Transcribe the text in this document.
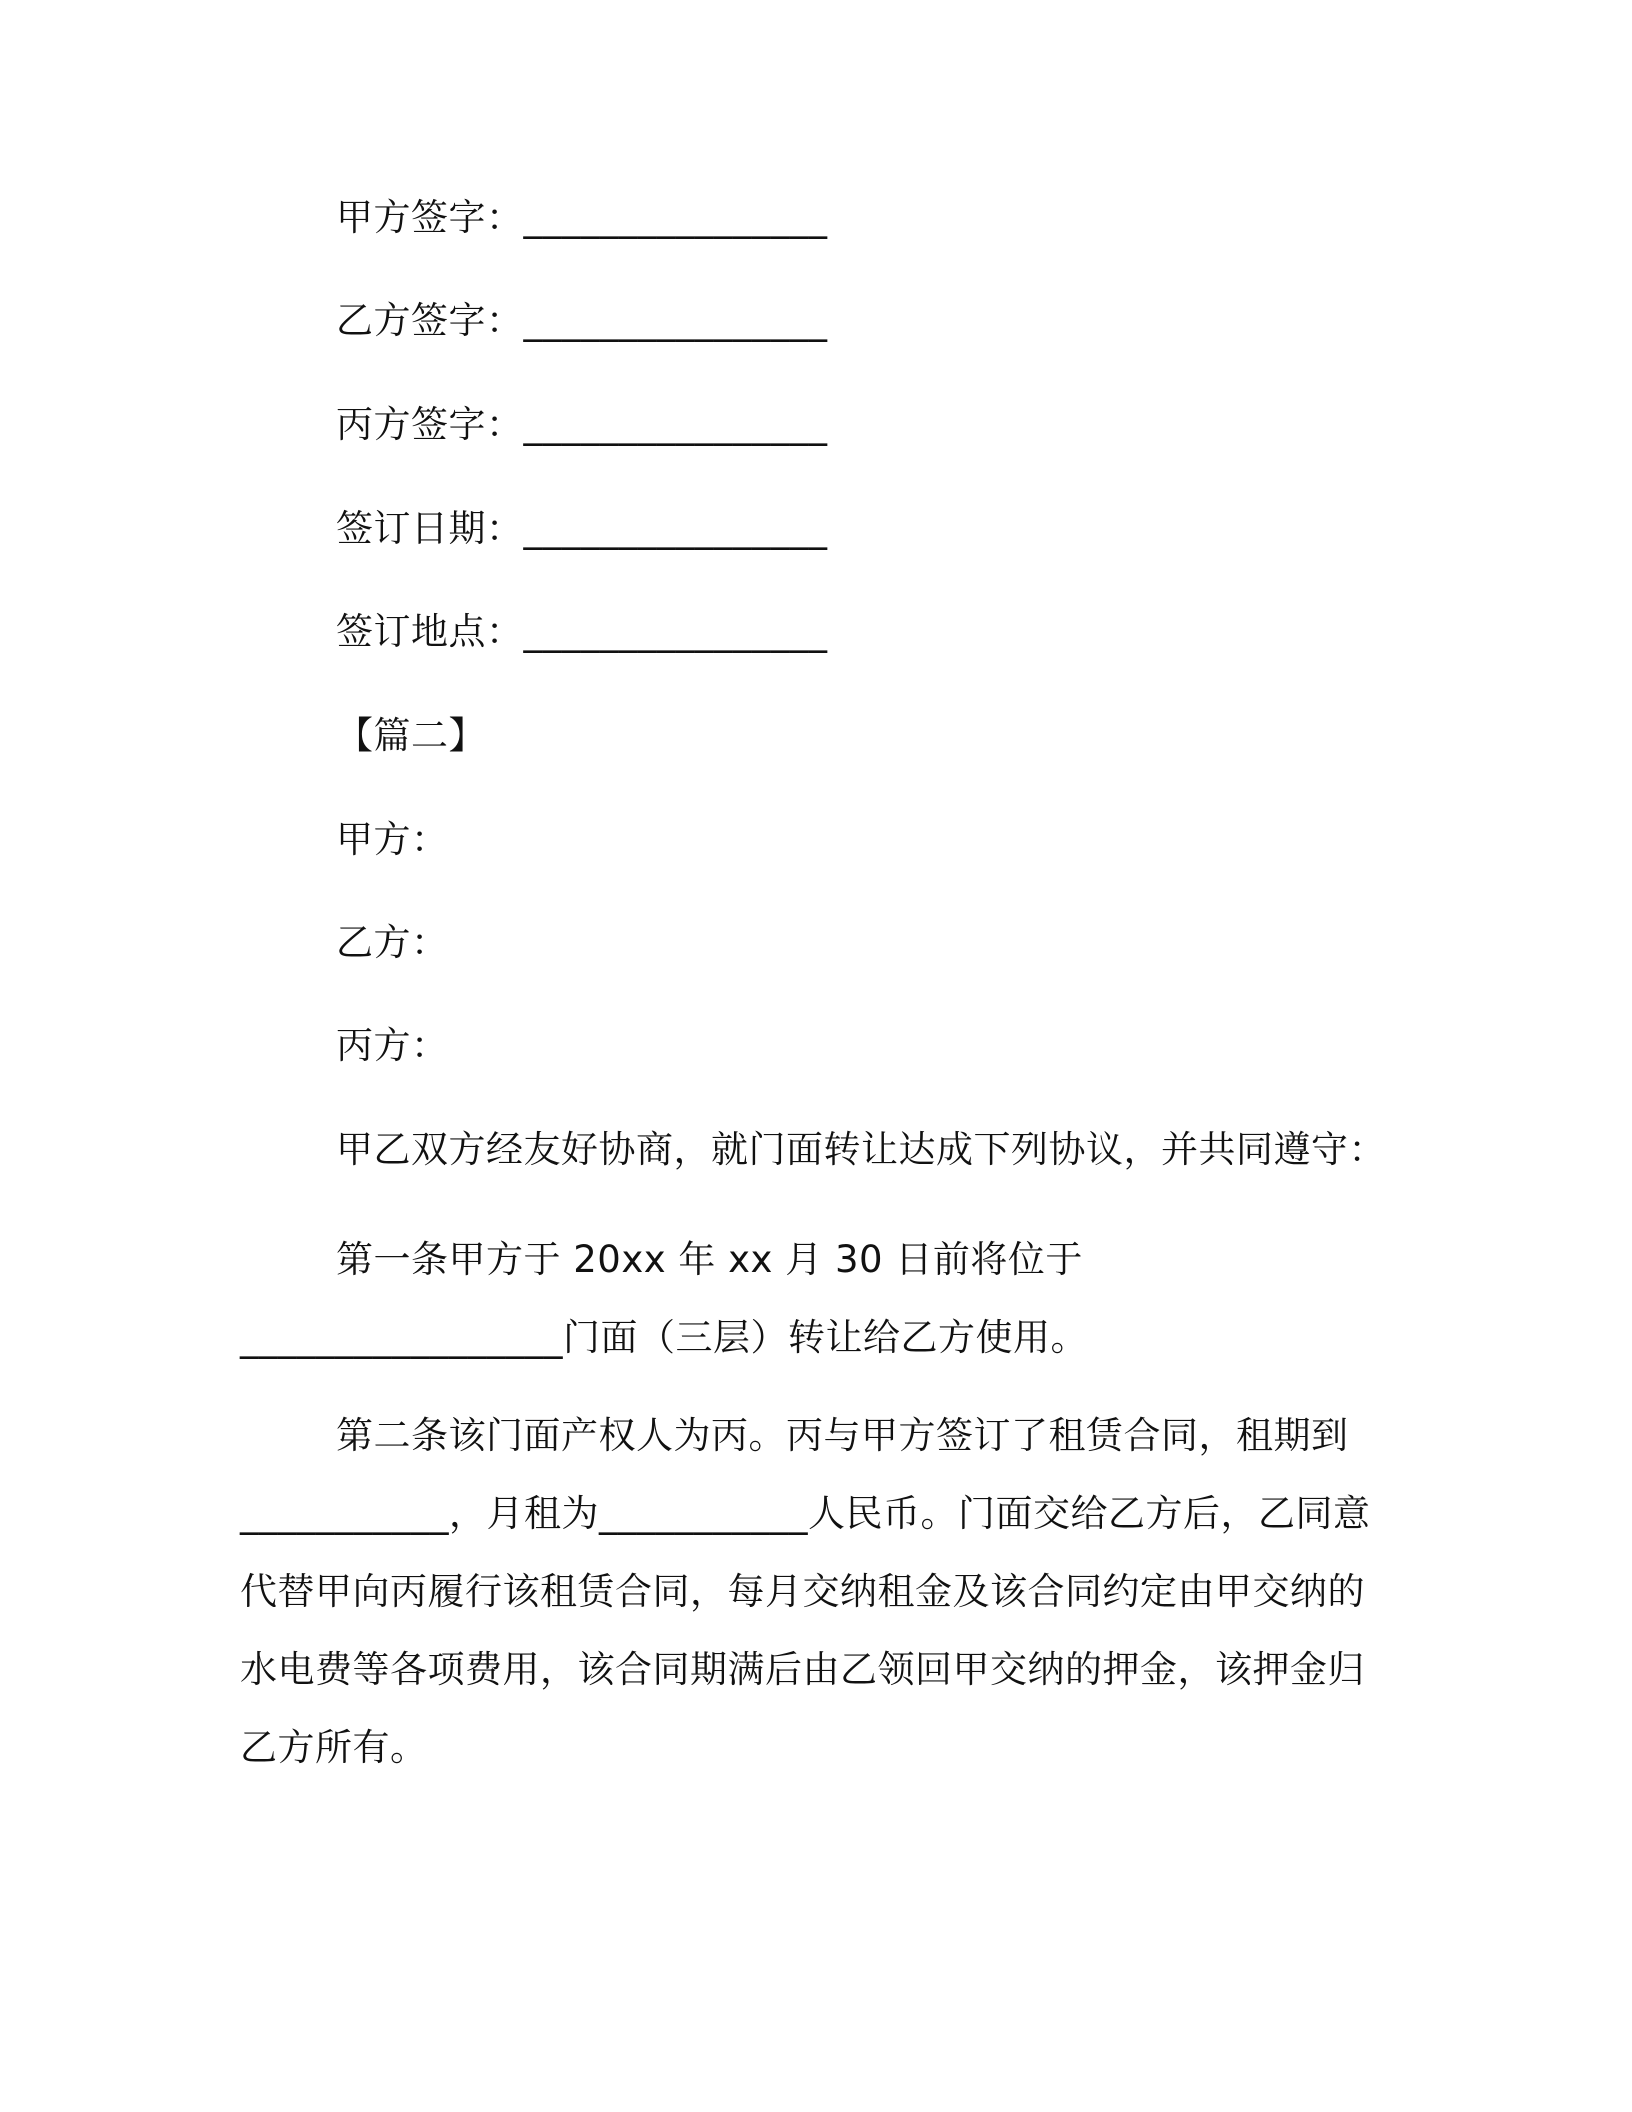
甲方签字：________________
乙方签字：________________
丙方签字：________________
签订日期：________________
签订地点：________________
【篇二】
甲方：
乙方：
丙方：
甲乙双方经友好协商，就门面转让达成下列协议，并共同遵守：
第一条甲方于 20xx 年 xx 月 30 日前将位于_________________门面（三层）转让给乙方使用。
第二条该门面产权人为丙。丙与甲方签订了租赁合同，租期到___________，月租为___________人民币。门面交给乙方后，乙同意代替甲向丙履行该租赁合同，每月交纳租金及该合同约定由甲交纳的水电费等各项费用，该合同期满后由乙领回甲交纳的押金，该押金归乙方所有。
